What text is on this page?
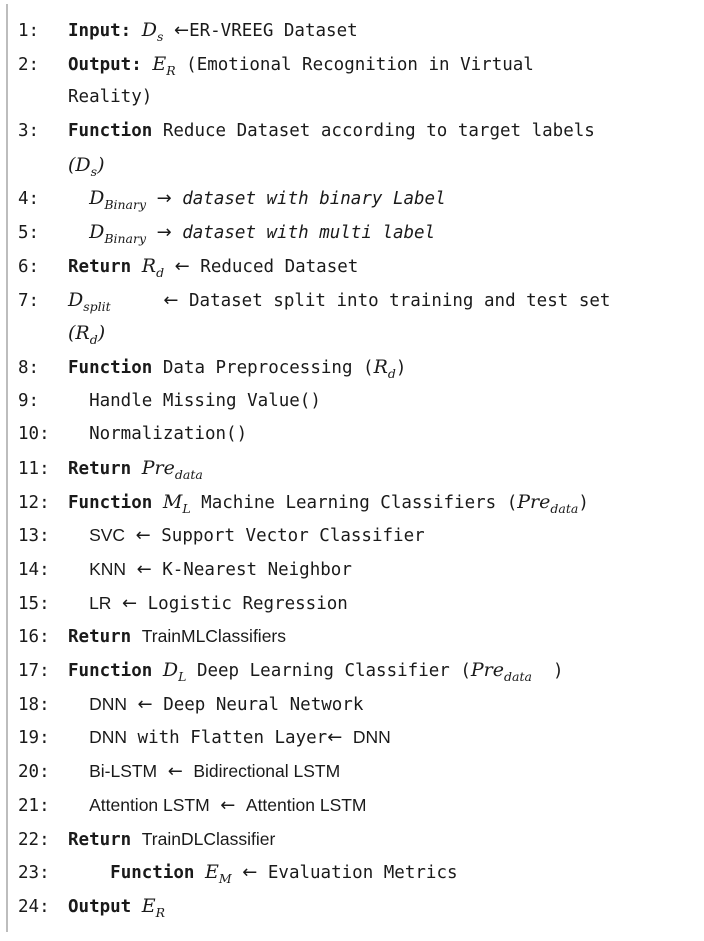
1: Input: $D_s$ ←ER-VREEG Dataset
2: Output: $E_R$ (Emotional Recognition in Virtual
Reality)
3: Function Reduce Dataset according to target labels
$(D_s)$
4:	$D_{Binary}$ → dataset with binary Label
5:	$D_{Binary}$ → dataset with multi label
6: Return $R_d$ ← Reduced Dataset
7: $D_{split}$	← Dataset split into training and test set
$(R_d)$
8: Function Data Preprocessing $(R_d)$
9:	Handle Missing Value()
10: Normalization()
11: Return Pre$_{data}$
12: Function $M_L$ Machine Learning Classifiers (Pre$_{data}$)
13: SVC ← Support Vector Classifier
14: KNN ← K-Nearest Neighbor
15: LR ← Logistic Regression
16: Return TrainMLClassifiers
17: Function $D_L$ Deep Learning Classifier (Pre$_{data}$ )
18: DNN ← Deep Neural Network
19: DNN with Flatten Layer← DNN
20: Bi-LSTM ← Bidirectional LSTM
21: Attention LSTM ← Attention LSTM
22: Return TrainDLClassifier
23:	Function $E_M$ ← Evaluation Metrics
24: Output $E_R$
